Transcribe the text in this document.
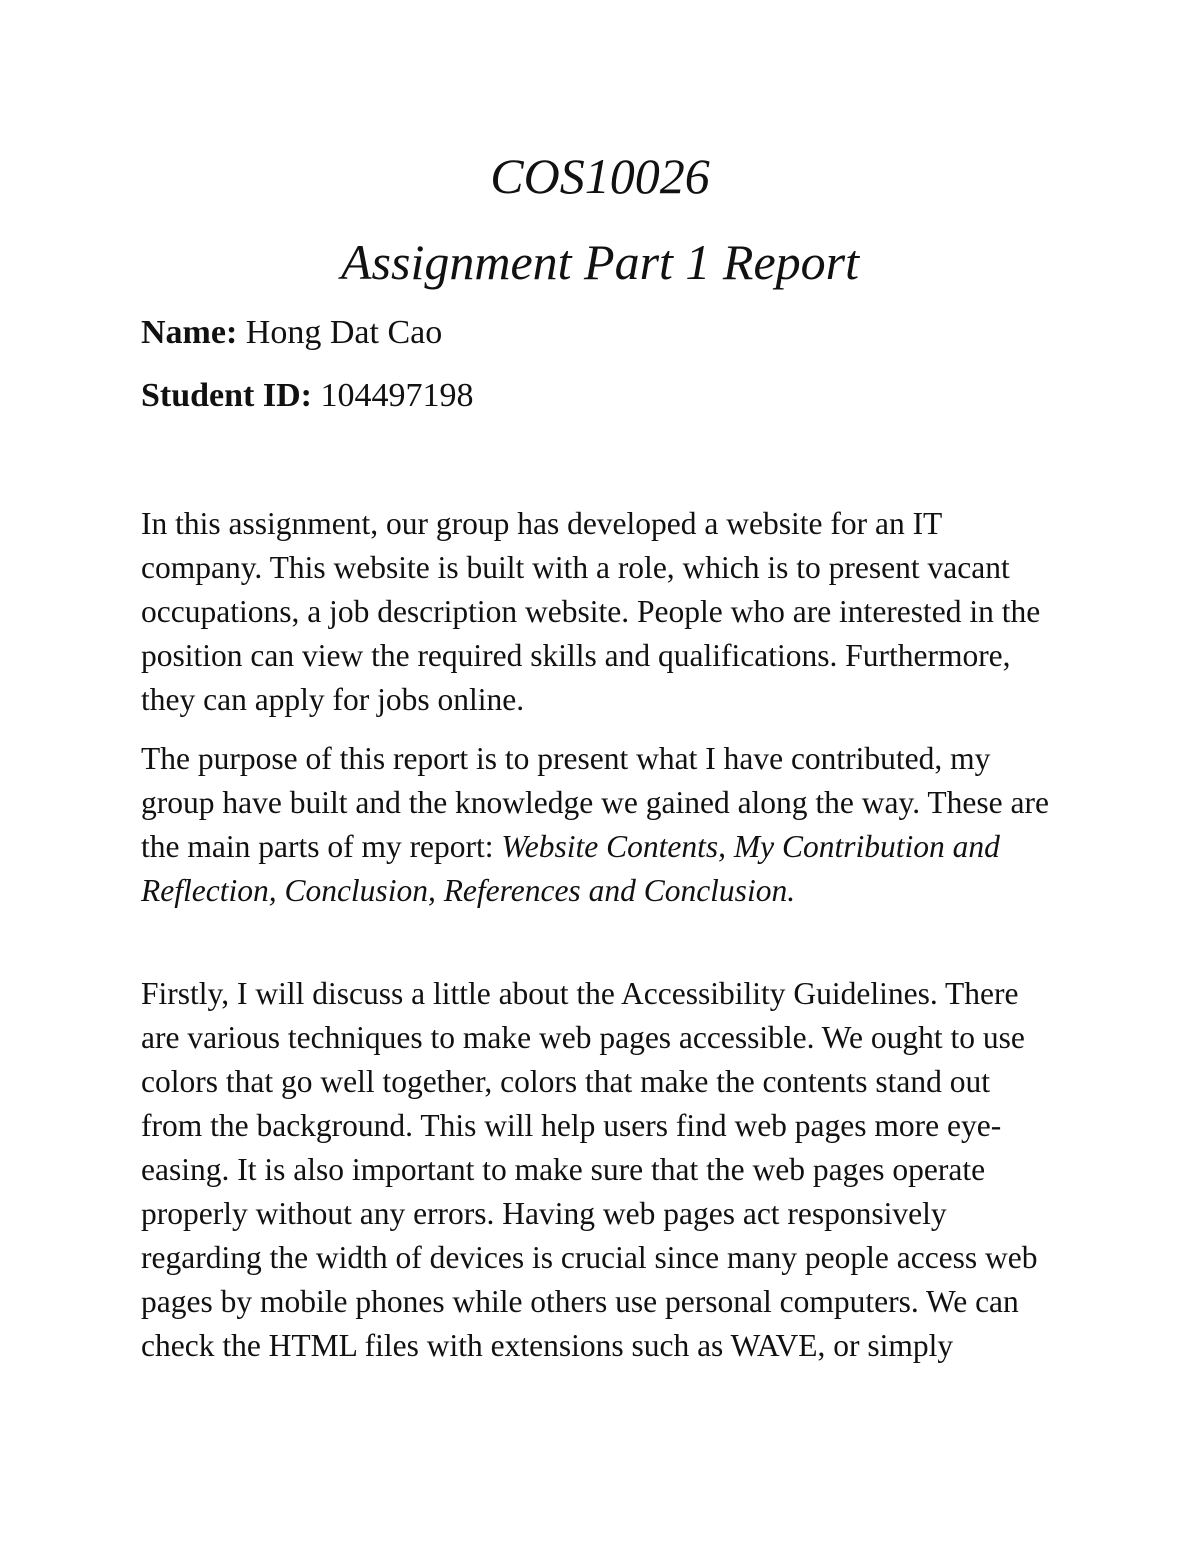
COS10026
Assignment Part 1 Report

Name: Hong Dat Cao

Student ID: 104497198

In this assignment, our group has developed a website for an IT company. This website is built with a role, which is to present vacant occupations, a job description website. People who are interested in the position can view the required skills and qualifications. Furthermore, they can apply for jobs online.

The purpose of this report is to present what I have contributed, my group have built and the knowledge we gained along the way. These are the main parts of my report: Website Contents, My Contribution and Reflection, Conclusion, References and Conclusion.

Firstly, I will discuss a little about the Accessibility Guidelines. There are various techniques to make web pages accessible. We ought to use colors that go well together, colors that make the contents stand out from the background. This will help users find web pages more eye-easing. It is also important to make sure that the web pages operate properly without any errors. Having web pages act responsively regarding the width of devices is crucial since many people access web pages by mobile phones while others use personal computers. We can check the HTML files with extensions such as WAVE, or simply
